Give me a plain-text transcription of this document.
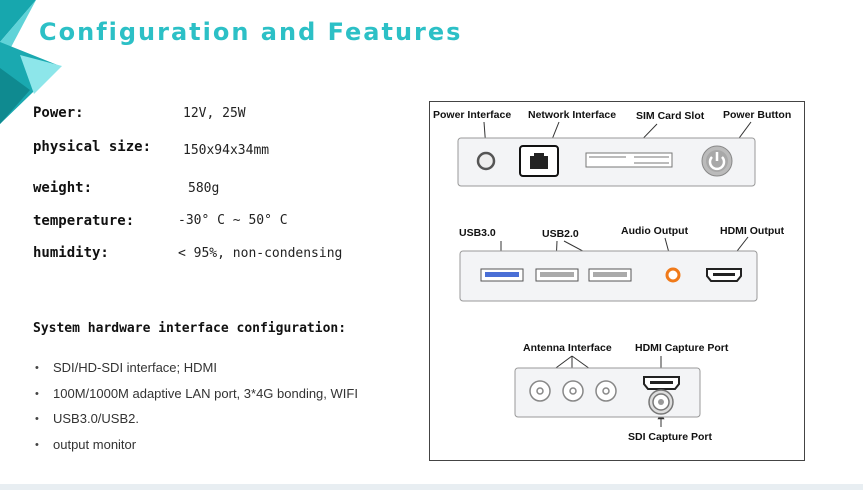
Configuration and Features
Power:	12V, 25W
physical size: 150x94x34mm
weight:	580g
temperature:	-30° C ~ 50° C
humidity:	< 95%, non-condensing
System hardware interface configuration:
• SDI/HD-SDI interface; HDMI
• 100M/1000M adaptive LAN port, 3*4G bonding, WIFI
• USB3.0/USB2.
• output monitor
Power Interface Network Interface SIM Card Slot Power Button
USB3.0	USB2.0	Audio Output	HDMI Output
Antenna Interface HDMI Capture Port
SDI Capture Port
